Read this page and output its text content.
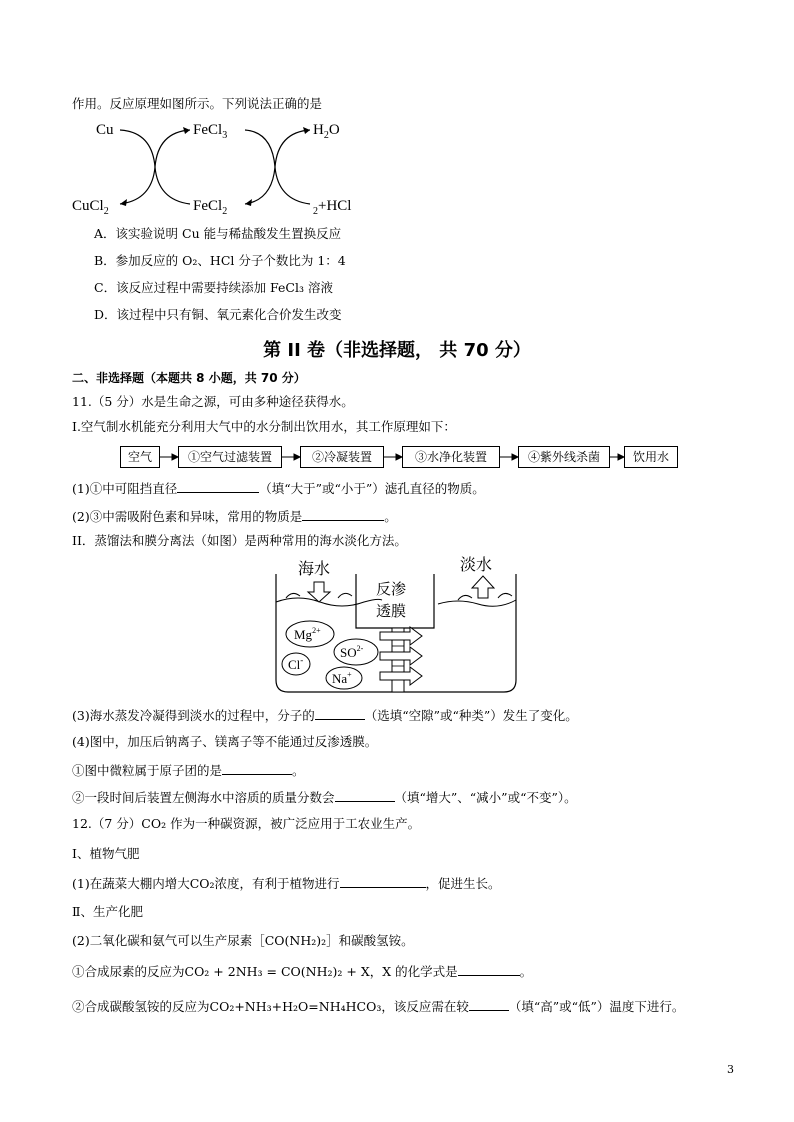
作用。反应原理如图所示。下列说法正确的是
Cu	FeCl$_3$	$H_2O$
CuCl$_2$	FeCl$_2$	$_2$+HCl
A．该实验说明 Cu 能与稀盐酸发生置换反应
B．参加反应的 O₂、HCl 分子个数比为 1：4
C．该反应过程中需要持续添加 FeCl₃ 溶液
D．该过程中只有铜、氧元素化合价发生改变
第 II 卷（非选择题， 共 70 分）
二、非选择题（本题共 8 小题，共 70 分）
11.（5 分）水是生命之源，可由多种途径获得水。
I.空气制水机能充分利用大气中的水分制出饮用水，其工作原理如下：
空气	①空气过滤装置	②冷凝装置	③水净化装置	④紫外线杀菌	饮用水
(1)①中可阻挡直径	（填“大于”或“小于”）滤孔直径的物质。
(2)③中需吸附色素和异味，常用的物质是	。
II．蒸馏法和膜分离法（如图）是两种常用的海水淡化方法。
海水	淡水
反渗
透膜
$Mg^{2+}$
$SO^{2-}$
Cl-
Na+
(3)海水蒸发冷凝得到淡水的过程中，分子的	（选填“空隙”或“种类”）发生了变化。
(4)图中，加压后钠离子、镁离子等不能通过反渗透膜。
①图中微粒属于原子团的是	。
②一段时间后装置左侧海水中溶质的质量分数会	（填“增大”、“减小”或“不变”）。
12.（7 分）CO₂ 作为一种碳资源，被广泛应用于工农业生产。
Ⅰ、植物气肥
(1)在蔬菜大棚内增大CO₂浓度，有利于植物进行	，促进生长。
Ⅱ、生产化肥
(2)二氧化碳和氨气可以生产尿素［CO(NH₂)₂］和碳酸氢铵。
①合成尿素的反应为CO₂ + 2NH₃ = CO(NH₂)₂ + X，X 的化学式是	。
②合成碳酸氢铵的反应为CO₂+NH₃+H₂O=NH₄HCO₃，该反应需在较	（填“高”或“低”）温度下进行。
3
